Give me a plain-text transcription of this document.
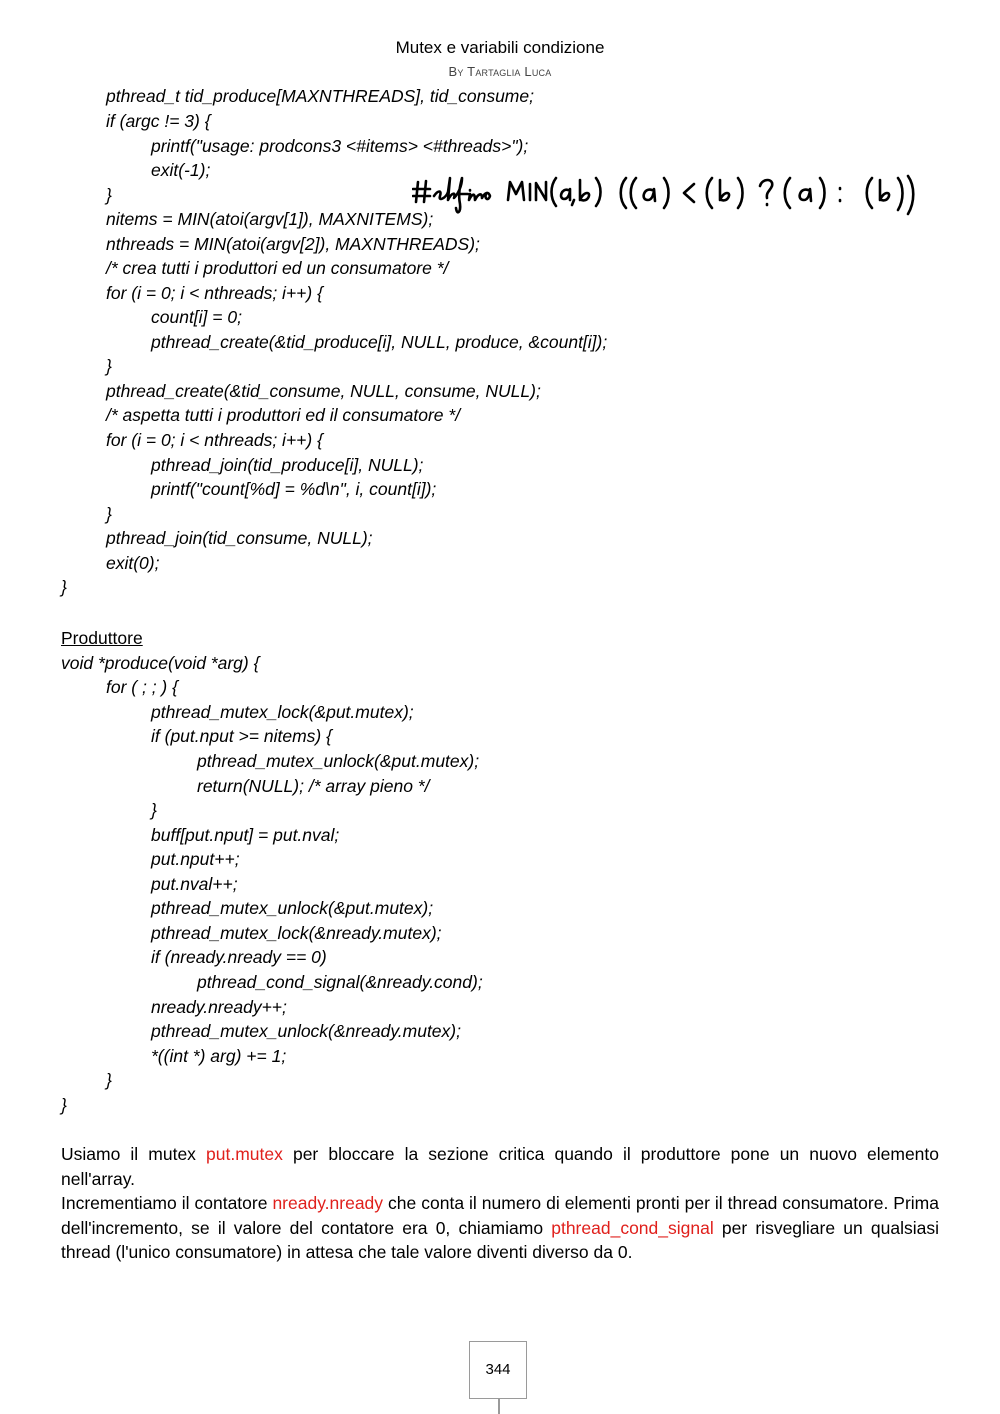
Mutex e variabili condizione
By Tartaglia Luca
pthread_t tid_produce[MAXNTHREADS], tid_consume;
if (argc != 3) {
printf("usage: prodcons3 <#items> <#threads>");
exit(-1);
}
nitems = MIN(atoi(argv[1]), MAXNITEMS);
nthreads = MIN(atoi(argv[2]), MAXNTHREADS);
/* crea tutti i produttori ed un consumatore */
for (i = 0; i < nthreads; i++) {
count[i] = 0;
pthread_create(&tid_produce[i], NULL, produce, &count[i]);
}
pthread_create(&tid_consume, NULL, consume, NULL);
/* aspetta tutti i produttori ed il consumatore */
for (i = 0; i < nthreads; i++) {
pthread_join(tid_produce[i], NULL);
printf("count[%d] = %d\n", i, count[i]);
}
pthread_join(tid_consume, NULL);
exit(0);
}
Produttore
void *produce(void *arg) {
for ( ; ; ) {
pthread_mutex_lock(&put.mutex);
if (put.nput >= nitems) {
pthread_mutex_unlock(&put.mutex);
return(NULL); /* array pieno */
}
buff[put.nput] = put.nval;
put.nput++;
put.nval++;
pthread_mutex_unlock(&put.mutex);
pthread_mutex_lock(&nready.mutex);
if (nready.nready == 0)
pthread_cond_signal(&nready.cond);
nready.nready++;
pthread_mutex_unlock(&nready.mutex);
*((int *) arg) += 1;
}
}

Usiamo il mutex put.mutex per bloccare la sezione critica quando il produttore pone un nuovo elemento nell'array.

Incrementiamo il contatore nready.nready che conta il numero di elementi pronti per il thread consumatore. Prima dell'incremento, se il valore del contatore era 0, chiamiamo pthread_cond_signal per risvegliare un qualsiasi thread (l'unico consumatore) in attesa che tale valore diventi diverso da 0.

344
